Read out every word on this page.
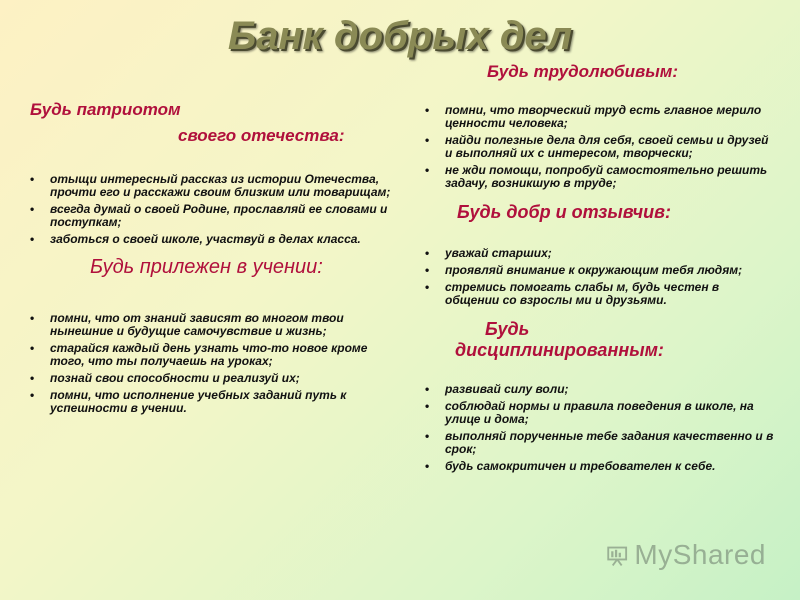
Банк добрых дел

Будь патриотом

своего отечества:

• отыщи интересный рассказ из истории Отечества, прочти его и расскажи своим близким или товарищам;
• всегда думай о своей Родине, прославляй ее словами и поступкам;
• заботься о своей школе, участвуй в делах класса.

Будь прилежен в учении:

• помни, что от знаний зависят во многом твои нынешние и будущие самочувствие и жизнь;
• старайся каждый день узнать что-то новое кроме того, что ты получаешь на уроках;
• познай свои способности и реализуй их;
• помни, что исполнение учебных заданий путь к успешности в учении.

Будь трудолюбивым:

• помни, что творческий труд есть главное мерило ценности человека;
• найди полезные дела для себя, своей семьи и друзей и выполняй их с интересом, творчески;
• не жди помощи, попробуй самостоятельно решить задачу, возникшую в труде;

Будь добр и отзывчив:

• уважай старших;
• проявляй внимание к окружающим тебя людям;
• стремись помогать слабы м, будь честен в общении со взрослы ми и друзьями.

Будь

дисциплинированным:

• развивай силу воли;
• соблюдай нормы и правила поведения в школе, на улице и дома;
• выполняй порученные тебе задания качественно и в срок;
• будь самокритичен и требователен к себе.
MyShared
